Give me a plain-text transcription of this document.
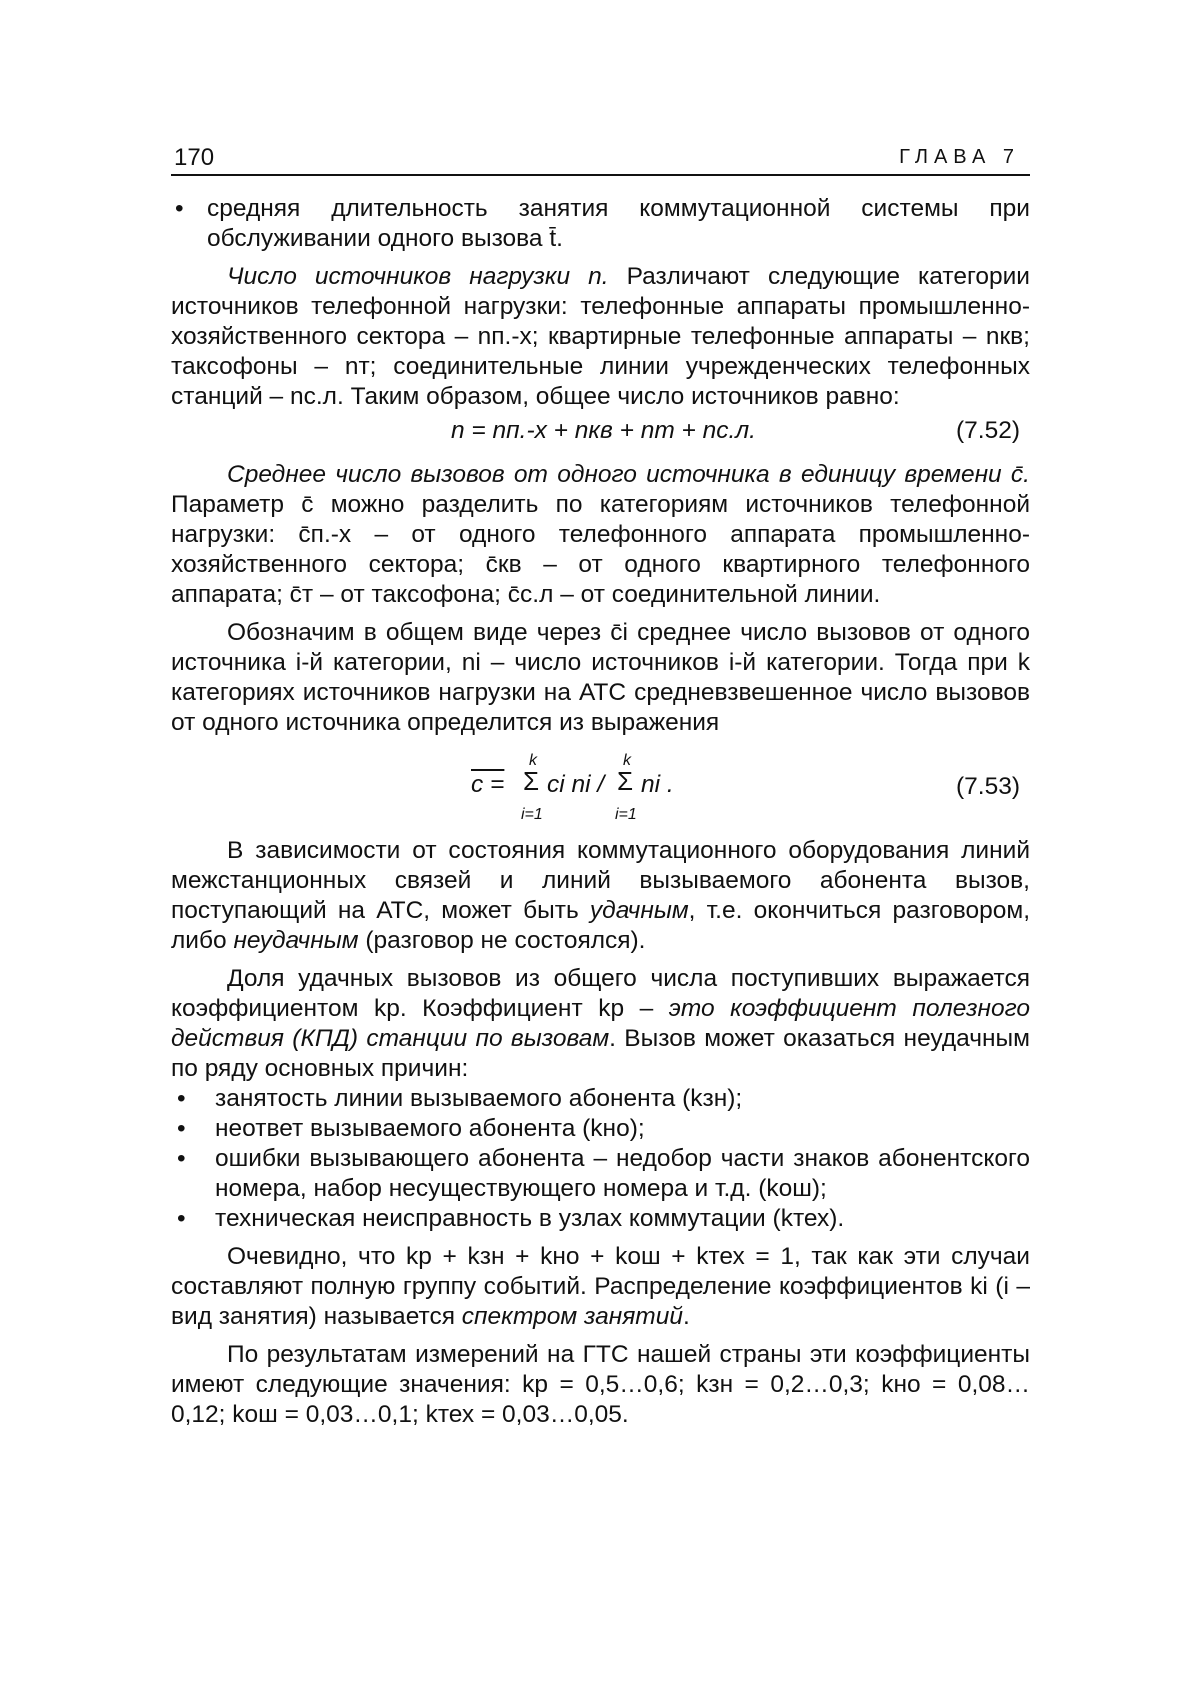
170	ГЛАВА 7
• средняя длительность занятия коммутационной системы при обслуживании одного вызова t̄.

Число источников нагрузки n. Различают следующие категории источников телефонной нагрузки: телефонные аппараты промышленно-хозяйственного сектора – nп.-х; квартирные телефонные аппараты – nкв; таксофоны – nт; соединительные линии учрежденческих телефонных станций – nс.л. Таким образом, общее число источников равно:

n = nп.-х + nкв + nт + nс.л.	(7.52)

Среднее число вызовов от одного источника в единицу времени c̄. Параметр c̄ можно разделить по категориям источников телефонной нагрузки: c̄п.-х – от одного телефонного аппарата промышленно-хозяйственного сектора; c̄кв – от одного квартирного телефонного аппарата; c̄т – от таксофона; c̄с.л – от соединительной линии.

Обозначим в общем виде через c̄i среднее число вызовов от одного источника i-й категории, ni – число источников i-й категории. Тогда при k категориях источников нагрузки на АТС средневзвешенное число вызовов от одного источника определится из выражения

c =
k
Σ
i=1
ci ni /
k
Σ
i=1
ni .	(7.53)

В зависимости от состояния коммутационного оборудования линий межстанционных связей и линий вызываемого абонента вызов, поступающий на АТС, может быть удачным, т.е. окончиться разговором, либо неудачным (разговор не состоялся).

Доля удачных вызовов из общего числа поступивших выражается коэффициентом kр. Коэффициент kр – это коэффициент полезного действия (КПД) станции по вызовам. Вызов может оказаться неудачным по ряду основных причин:

• занятость линии вызываемого абонента (kзн);
• неответ вызываемого абонента (kно);
• ошибки вызывающего абонента – недобор части знаков абонентского номера, набор несуществующего номера и т.д. (kош);
• техническая неисправность в узлах коммутации (kтех).

Очевидно, что kр + kзн + kно + kош + kтех = 1, так как эти случаи составляют полную группу событий. Распределение коэффициентов ki (i – вид занятия) называется спектром занятий.

По результатам измерений на ГТС нашей страны эти коэффициенты имеют следующие значения: kр = 0,5…0,6; kзн = 0,2…0,3; kно = 0,08…0,12; kош = 0,03…0,1; kтех = 0,03…0,05.
